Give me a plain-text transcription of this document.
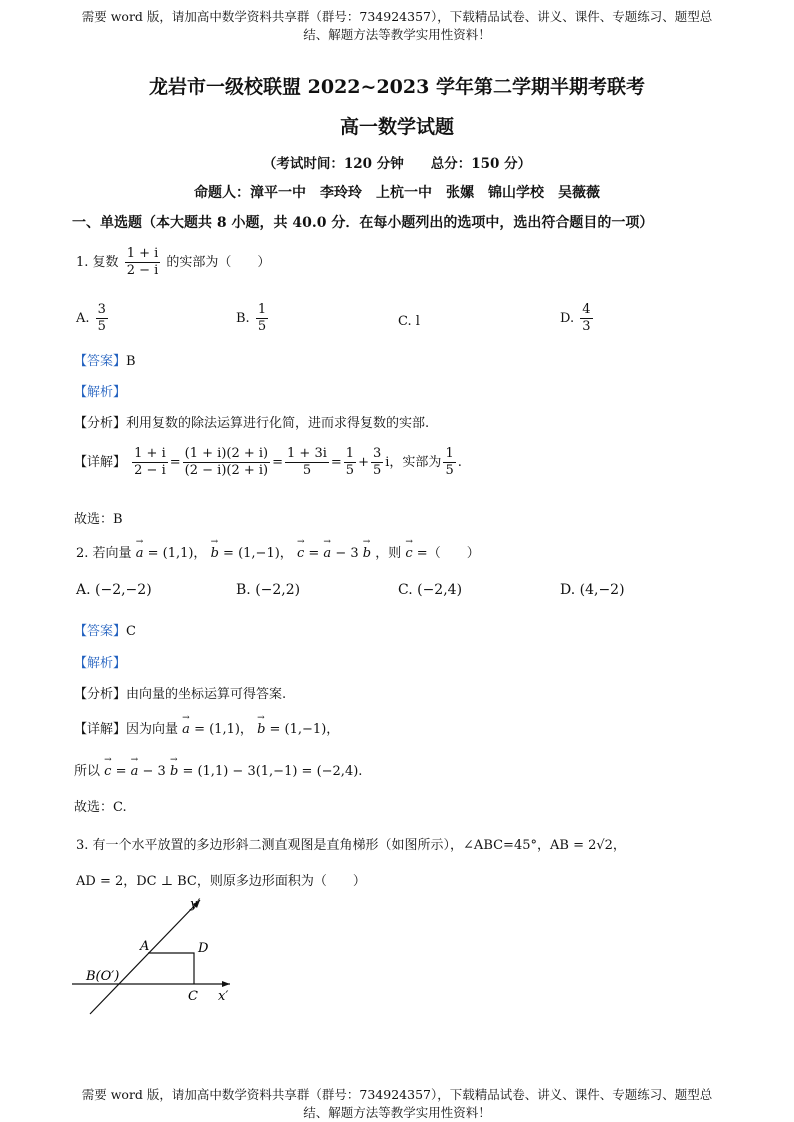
需要 word 版，请加高中数学资料共享群（群号：734924357），下载精品试卷、讲义、课件、专题练习、题型总
结、解题方法等教学实用性资料！
龙岩市一级校联盟 2022~2023 学年第二学期半期考联考
高一数学试题
（考试时间：120 分钟　　总分：150 分）
命题人：漳平一中　李玲玲　上杭一中　张嫘　锦山学校　吴薇薇
一、单选题（本大题共 8 小题，共 40.0 分．在每小题列出的选项中，选出符合题目的一项）
1. 复数 $\frac{1 + i}{2 - i}$ 的实部为（　　）
A. $\frac{3}{5}$	B. $\frac{1}{5}$	C. l	D. $\frac{4}{3}$
【答案】B
【解析】
【分析】利用复数的除法运算进行化简，进而求得复数的实部.
【详解】 $\frac{1 + i}{2 - i} = \frac{(1 + i)(2 + i)}{(2 - i)(2 + i)} = \frac{1 + 3i}{5} = \frac{1}{5} + \frac{3}{5}$ i，实部为 $\frac{1}{5}$ .
故选：B
2. 若向量 → a = (1,1)， → b = (1,−1)， → c = → a − 3 → b ，则 → c =（　　）
A. (−2,−2)	B. (−2,2)	C. (−2,4)	D. (4,−2)
【答案】C
【解析】
【分析】由向量的坐标运算可得答案.
【详解】因为向量 → a = (1,1)， → b = (1,−1)，
所以 → c = → a − 3 → b = (1,1) − 3(1,−1) = (−2,4).
故选：C.
3. 有一个水平放置的多边形斜二测直观图是直角梯形（如图所示），∠ABC=45°，AB = 2√2，
AD = 2，DC ⊥ BC，则原多边形面积为（　　）
y′
x′
A	D
B(O′)
C
需要 word 版，请加高中数学资料共享群（群号：734924357），下载精品试卷、讲义、课件、专题练习、题型总
结、解题方法等教学实用性资料！
